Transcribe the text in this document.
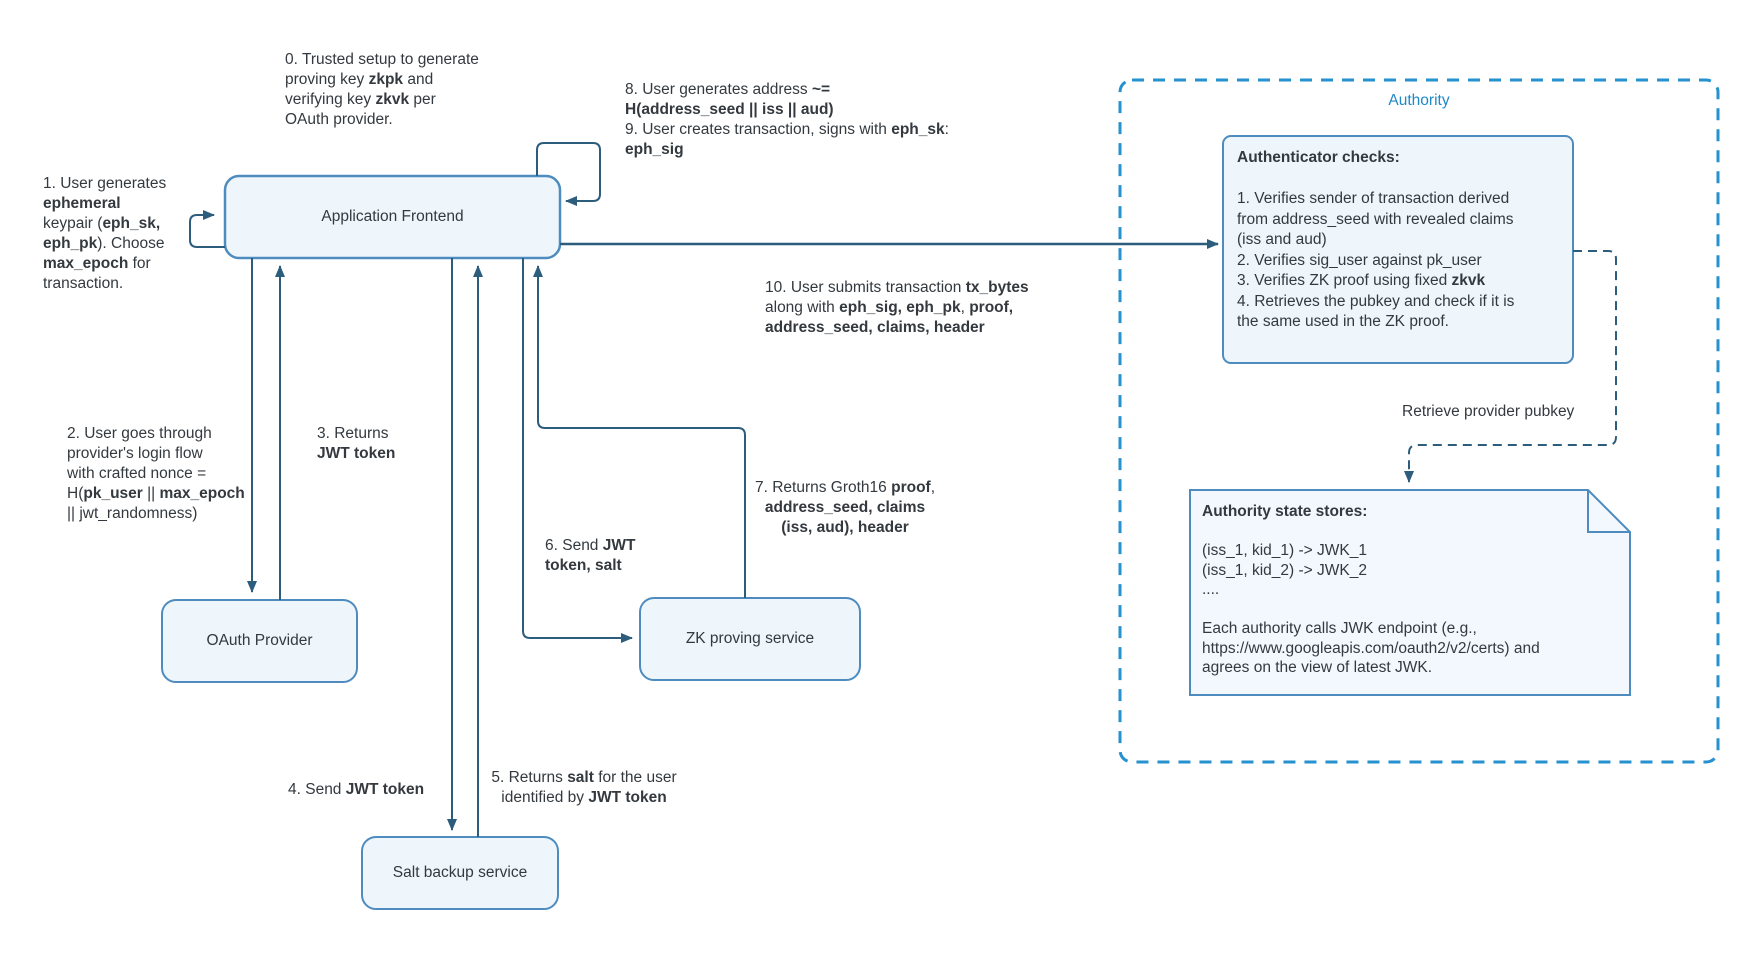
Application Frontend
OAuth Provider	ZK proving service
Salt backup service
Authority
Authenticator checks:

1. Verifies sender of transaction derived
from address_seed with revealed claims
(iss and aud)
2. Verifies sig_user against pk_user
3. Verifies ZK proof using fixed zkvk
4. Retrieves the pubkey and check if it is
the same used in the ZK proof.
Authority state stores:

(iss_1, kid_1) -> JWK_1
(iss_1, kid_2) -> JWK_2
....

Each authority calls JWK endpoint (e.g.,
https://www.googleapis.com/oauth2/v2/certs) and
agrees on the view of latest JWK.
0. Trusted setup to generate
proving key zkpk and
verifying key zkvk per
OAuth provider.
1. User generates
ephemeral
keypair (eph_sk,
eph_pk). Choose
max_epoch for
transaction.
2. User goes through
provider's login flow
with crafted nonce =
H(pk_user || max_epoch
|| jwt_randomness)
3. Returns
JWT token
4. Send JWT token
5. Returns salt for the user
identified by JWT token
6. Send JWT
token, salt
7. Returns Groth16 proof,
address_seed, claims
(iss, aud), header
8. User generates address ~=
H(address_seed || iss || aud)
9. User creates transaction, signs with eph_sk:
eph_sig
10. User submits transaction tx_bytes
along with eph_sig, eph_pk, proof,
address_seed, claims, header
Retrieve provider pubkey
